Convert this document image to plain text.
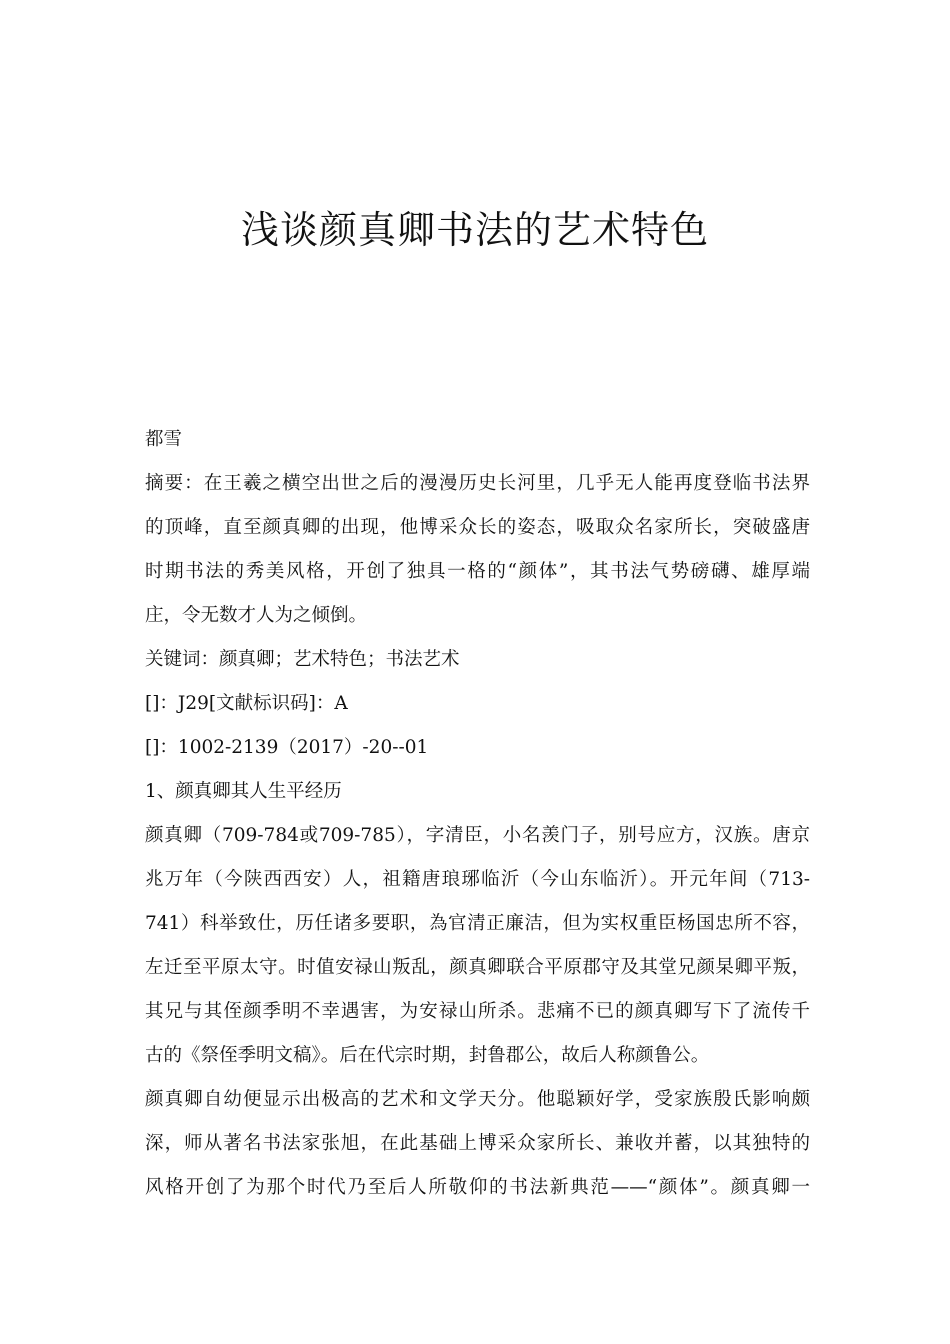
浅谈颜真卿书法的艺术特色
都雪
摘要：在王羲之横空出世之后的漫漫历史长河里，几乎无人能再度登临书法界
的顶峰，直至颜真卿的出现，他博采众长的姿态，吸取众名家所长，突破盛唐
时期书法的秀美风格，开创了独具一格的“颜体”，其书法气势磅礴、雄厚端
庄，令无数才人为之倾倒。
关键词：颜真卿；艺术特色；书法艺术
[]：J29[文献标识码]：A
[]：1002-2139（2017）-20--01
1、颜真卿其人生平经历
颜真卿（709-784或709-785），字清臣，小名羡门子，别号应方，汉族。唐京
兆万年（今陕西西安）人，祖籍唐琅琊临沂（今山东临沂）。开元年间（713-
741）科举致仕，历任诸多要职，為官清正廉洁，但为实权重臣杨国忠所不容，
左迁至平原太守。时值安禄山叛乱，颜真卿联合平原郡守及其堂兄颜杲卿平叛，
其兄与其侄颜季明不幸遇害，为安禄山所杀。悲痛不已的颜真卿写下了流传千
古的《祭侄季明文稿》。后在代宗时期，封鲁郡公，故后人称颜鲁公。
颜真卿自幼便显示出极高的艺术和文学天分。他聪颖好学，受家族殷氏影响颇
深，师从著名书法家张旭，在此基础上博采众家所长、兼收并蓄，以其独特的
风格开创了为那个时代乃至后人所敬仰的书法新典范——“颜体”。颜真卿一
